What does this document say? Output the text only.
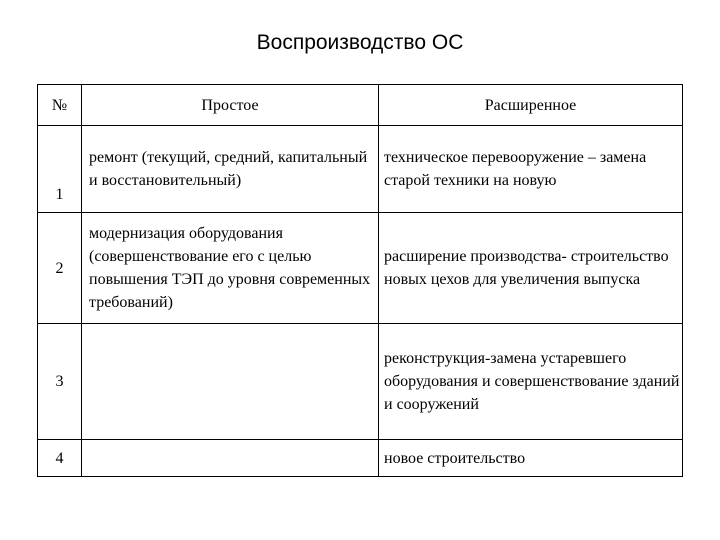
Воспроизводство ОС
№	Простое	Расширенное
1	ремонт (текущий, средний, капитальный и восстановительный)	техническое перевооружение – замена старой техники на новую
2	модернизация оборудования (совершенствование его с целью повышения ТЭП до уровня современных требований)	расширение производства- строительство новых цехов для увеличения выпуска
3		реконструкция-замена устаревшего оборудования и совершенствование зданий и сооружений
4		новое строительство
